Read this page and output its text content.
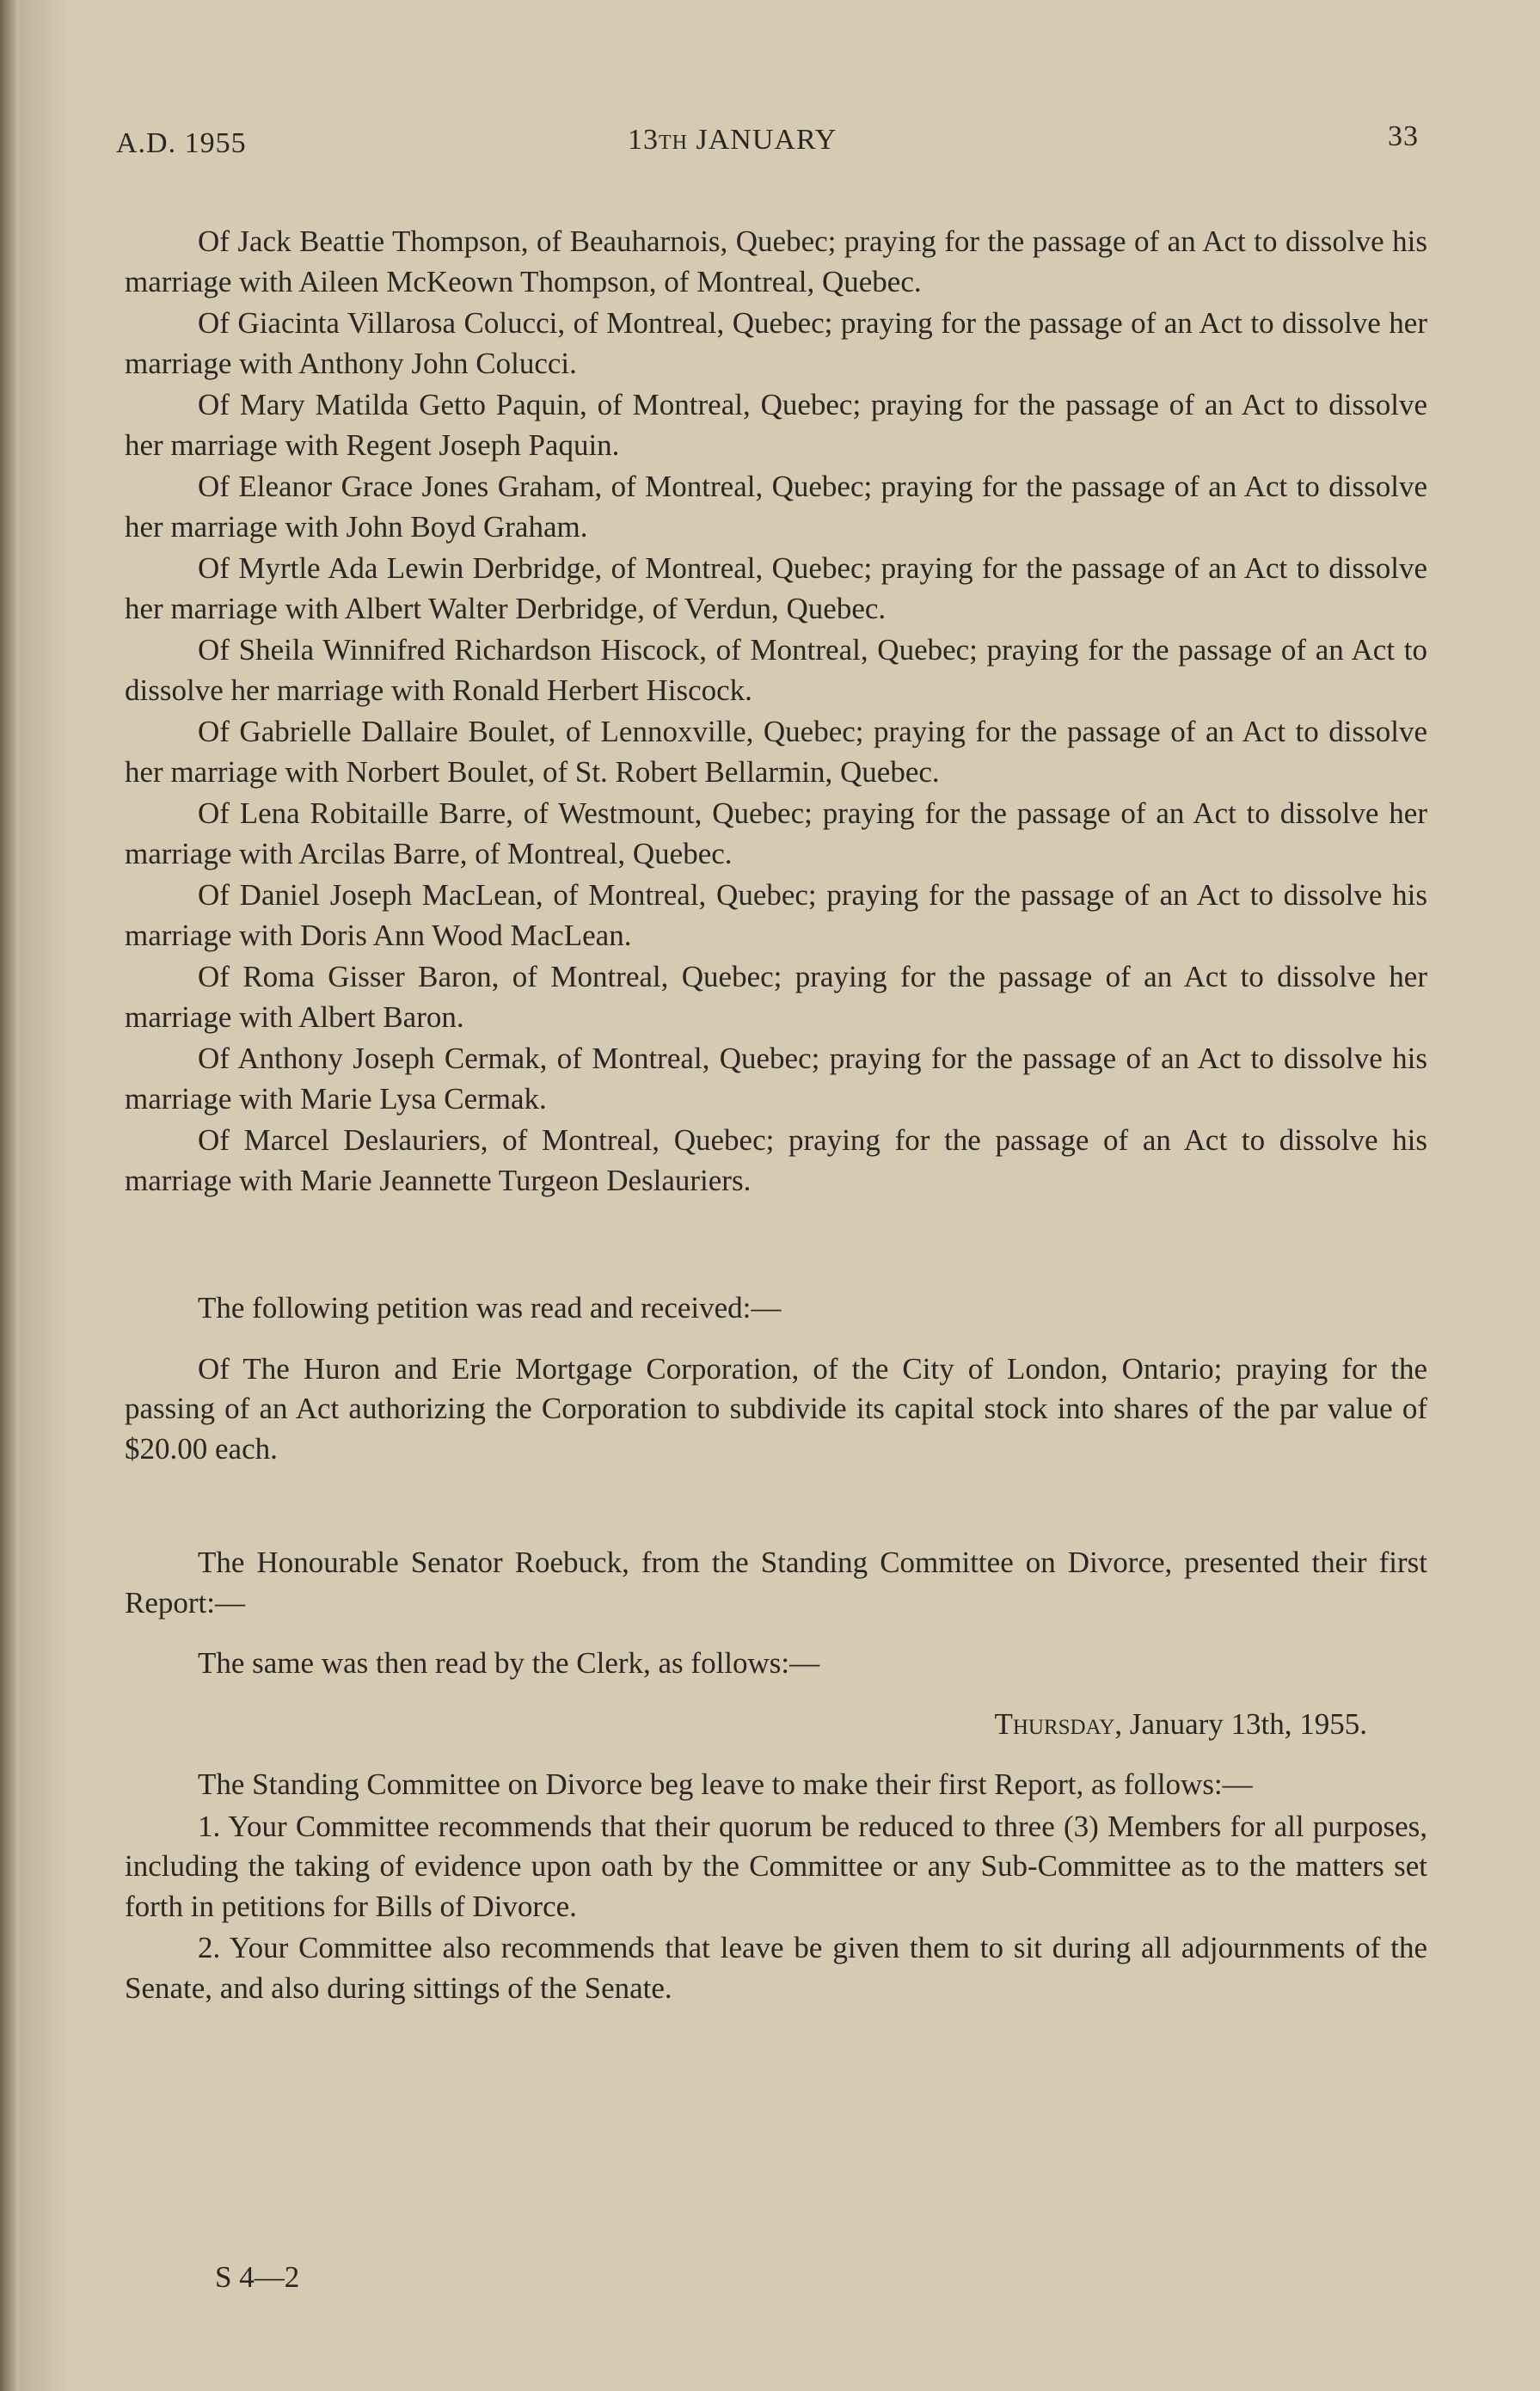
A.D. 1955	13TH JANUARY	33

Of Jack Beattie Thompson, of Beauharnois, Quebec; praying for the passage of an Act to dissolve his marriage with Aileen McKeown Thompson, of Montreal, Quebec.

Of Giacinta Villarosa Colucci, of Montreal, Quebec; praying for the passage of an Act to dissolve her marriage with Anthony John Colucci.

Of Mary Matilda Getto Paquin, of Montreal, Quebec; praying for the passage of an Act to dissolve her marriage with Regent Joseph Paquin.

Of Eleanor Grace Jones Graham, of Montreal, Quebec; praying for the passage of an Act to dissolve her marriage with John Boyd Graham.

Of Myrtle Ada Lewin Derbridge, of Montreal, Quebec; praying for the passage of an Act to dissolve her marriage with Albert Walter Derbridge, of Verdun, Quebec.

Of Sheila Winnifred Richardson Hiscock, of Montreal, Quebec; praying for the passage of an Act to dissolve her marriage with Ronald Herbert Hiscock.

Of Gabrielle Dallaire Boulet, of Lennoxville, Quebec; praying for the passage of an Act to dissolve her marriage with Norbert Boulet, of St. Robert Bellarmin, Quebec.

Of Lena Robitaille Barre, of Westmount, Quebec; praying for the passage of an Act to dissolve her marriage with Arcilas Barre, of Montreal, Quebec.

Of Daniel Joseph MacLean, of Montreal, Quebec; praying for the passage of an Act to dissolve his marriage with Doris Ann Wood MacLean.

Of Roma Gisser Baron, of Montreal, Quebec; praying for the passage of an Act to dissolve her marriage with Albert Baron.

Of Anthony Joseph Cermak, of Montreal, Quebec; praying for the passage of an Act to dissolve his marriage with Marie Lysa Cermak.

Of Marcel Deslauriers, of Montreal, Quebec; praying for the passage of an Act to dissolve his marriage with Marie Jeannette Turgeon Deslauriers.

The following petition was read and received:—

Of The Huron and Erie Mortgage Corporation, of the City of London, Ontario; praying for the passing of an Act authorizing the Corporation to subdivide its capital stock into shares of the par value of $20.00 each.

The Honourable Senator Roebuck, from the Standing Committee on Divorce, presented their first Report:—

The same was then read by the Clerk, as follows:—

Thursday, January 13th, 1955.

The Standing Committee on Divorce beg leave to make their first Report, as follows:—

1. Your Committee recommends that their quorum be reduced to three (3) Members for all purposes, including the taking of evidence upon oath by the Committee or any Sub-Committee as to the matters set forth in petitions for Bills of Divorce.

2. Your Committee also recommends that leave be given them to sit during all adjournments of the Senate, and also during sittings of the Senate.

S 4—2
